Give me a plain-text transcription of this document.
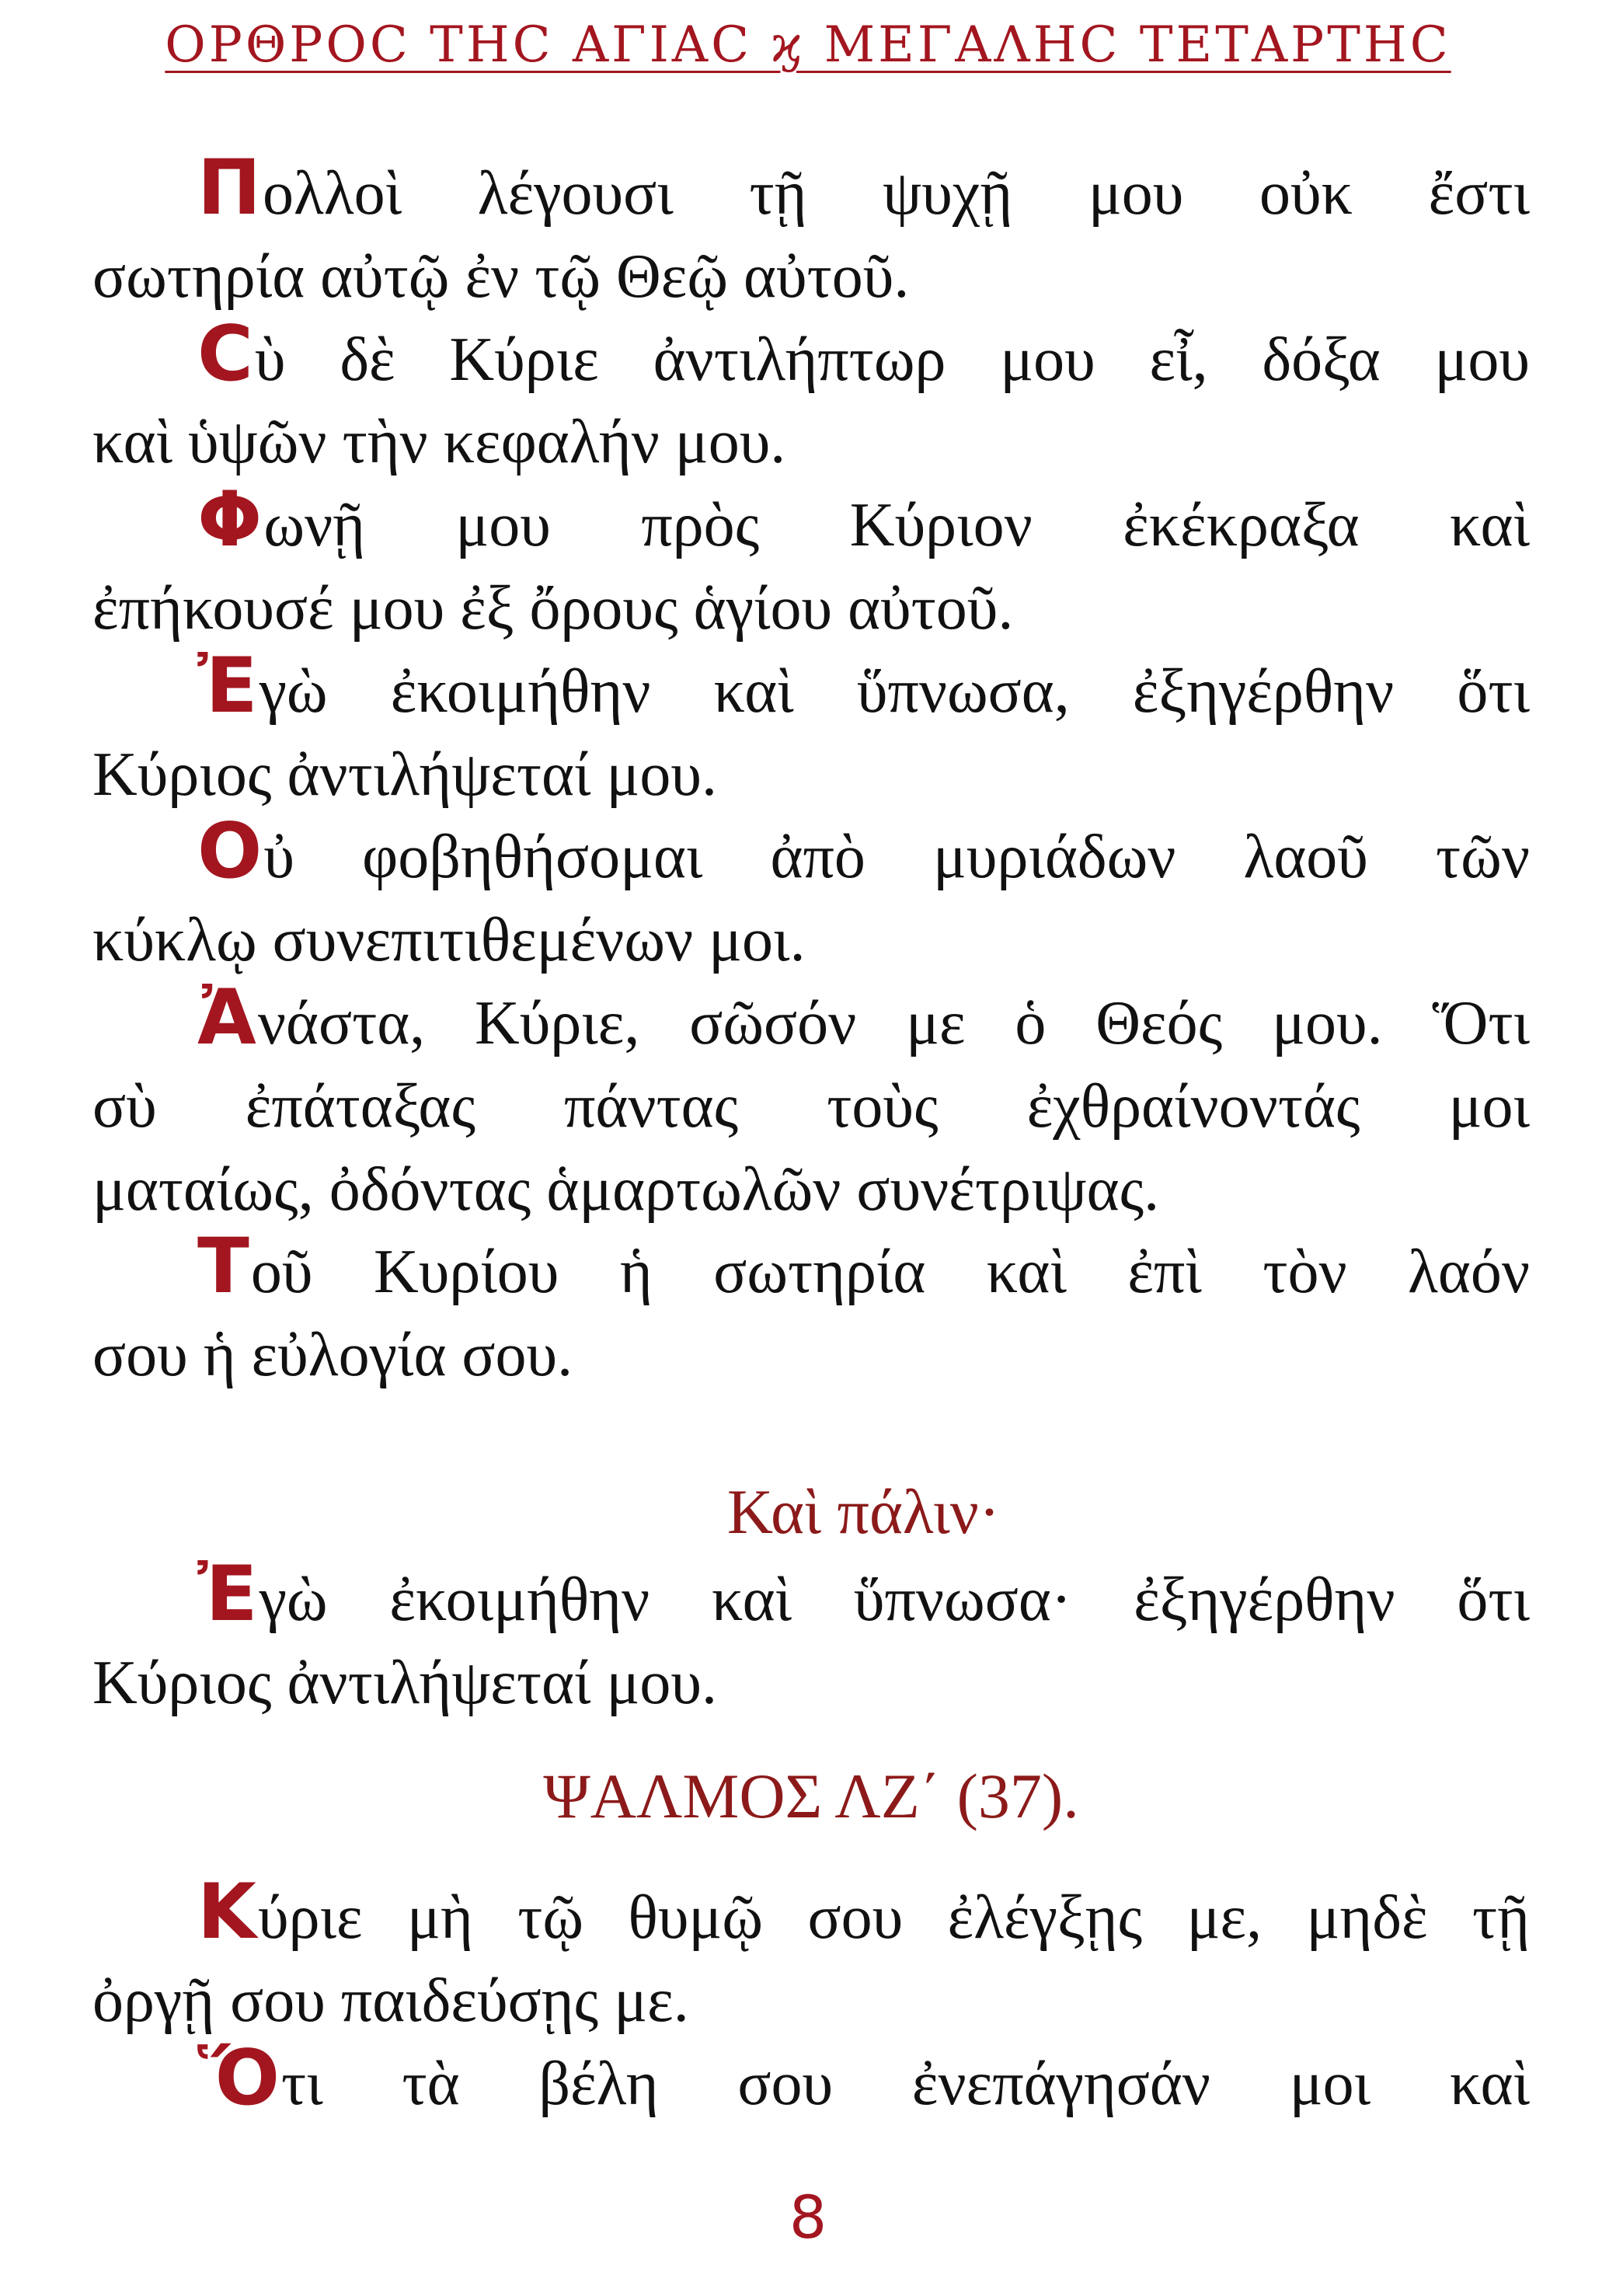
ΟΡΘΡΟϹ ΤΗϹ ΑΓΙΑϹ ϗ ΜΕΓΑΛΗϹ ΤΕΤΑΡΤΗϹ
Πολλοὶ λέγουσι τῇ ψυχῇ μου οὐκ ἔστι
σωτηρία αὐτῷ ἐν τῷ Θεῷ αὐτοῦ.
Ϲὺ δὲ Κύριε ἀντιλήπτωρ μου εἶ, δόξα μου
καὶ ὑψῶν τὴν κεφαλήν μου.
Φωνῇ μου πρὸς Κύριον ἐκέκραξα καὶ
ἐπήκουσέ μου ἐξ ὄρους ἁγίου αὐτοῦ.
Ἐγὼ ἐκοιμήθην καὶ ὕπνωσα, ἐξηγέρθην ὅτι
Κύριος ἀντιλήψεταί μου.
Οὐ φοβηθήσομαι ἀπὸ μυριάδων λαοῦ τῶν
κύκλῳ συνεπιτιθεμένων μοι.
Ἀνάστα, Κύριε, σῶσόν με ὁ Θεός μου. Ὅτι
σὺ ἐπάταξας πάντας τοὺς ἐχθραίνοντάς μοι
ματαίως, ὀδόντας ἁμαρτωλῶν συνέτριψας.
Τοῦ Κυρίου ἡ σωτηρία καὶ ἐπὶ τὸν λαόν
σου ἡ εὐλογία σου.
Καὶ πάλιν·
Ἐγὼ ἐκοιμήθην καὶ ὕπνωσα· ἐξηγέρθην ὅτι
Κύριος ἀντιλήψεταί μου.
ΨΑΛΜΟΣ ΛΖ΄ (37).
Κύριε μὴ τῷ θυμῷ σου ἐλέγξῃς με, μηδὲ τῇ
ὀργῇ σου παιδεύσῃς με.
Ὅτι τὰ βέλη σου ἐνεπάγησάν μοι καὶ
8
